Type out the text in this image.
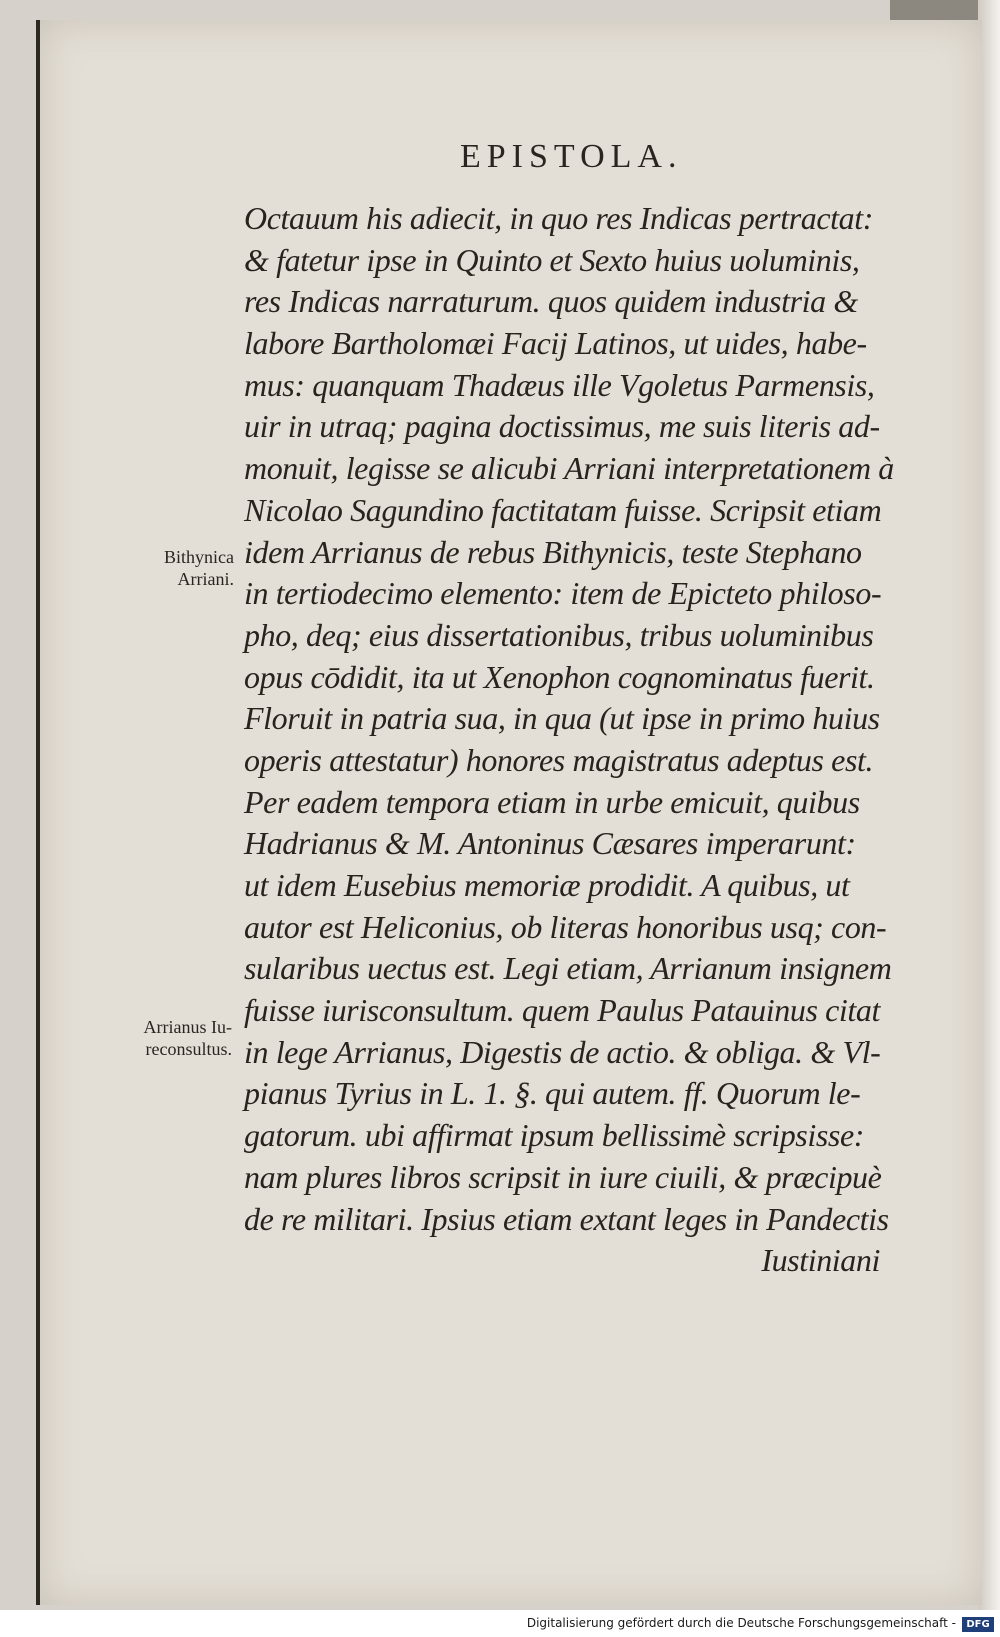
EPISTOLA.
Octauum his adiecit, in quo res Indicas pertractat:
& fatetur ipse in Quinto et Sexto huius uoluminis,
res Indicas narraturum. quos quidem industria &
labore Bartholomæi Facij Latinos, ut uides, habe-
mus: quanquam Thadæus ille Vgoletus Parmensis,
uir in utraq; pagina doctissimus, me suis literis ad-
monuit, legisse se alicubi Arriani interpretationem à
Nicolao Sagundino factitatam fuisse. Scripsit etiam
idem Arrianus de rebus Bithynicis, teste Stephano
in tertiodecimo elemento: item de Epicteto philoso-
pho, deq; eius dissertationibus, tribus uoluminibus
opus cōdidit, ita ut Xenophon cognominatus fuerit.
Floruit in patria sua, in qua (ut ipse in primo huius
operis attestatur) honores magistratus adeptus est.
Per eadem tempora etiam in urbe emicuit, quibus
Hadrianus & M. Antoninus Cæsares imperarunt:
ut idem Eusebius memoriæ prodidit. A quibus, ut
autor est Heliconius, ob literas honoribus usq; con-
sularibus uectus est. Legi etiam, Arrianum insignem
fuisse iurisconsultum. quem Paulus Patauinus citat
in lege Arrianus, Digestis de actio. & obliga. & Vl-
pianus Tyrius in L. 1. §. qui autem. ff. Quorum le-
gatorum. ubi affirmat ipsum bellissimè scripsisse:
nam plures libros scripsit in iure ciuili, & præcipuè
de re militari. Ipsius etiam extant leges in Pandectis
Iustiniani
Bithynica
Arriani.
Arrianus Iu-
reconsultus.
Digitalisierung gefördert durch die Deutsche Forschungsgemeinschaft -	DFG
